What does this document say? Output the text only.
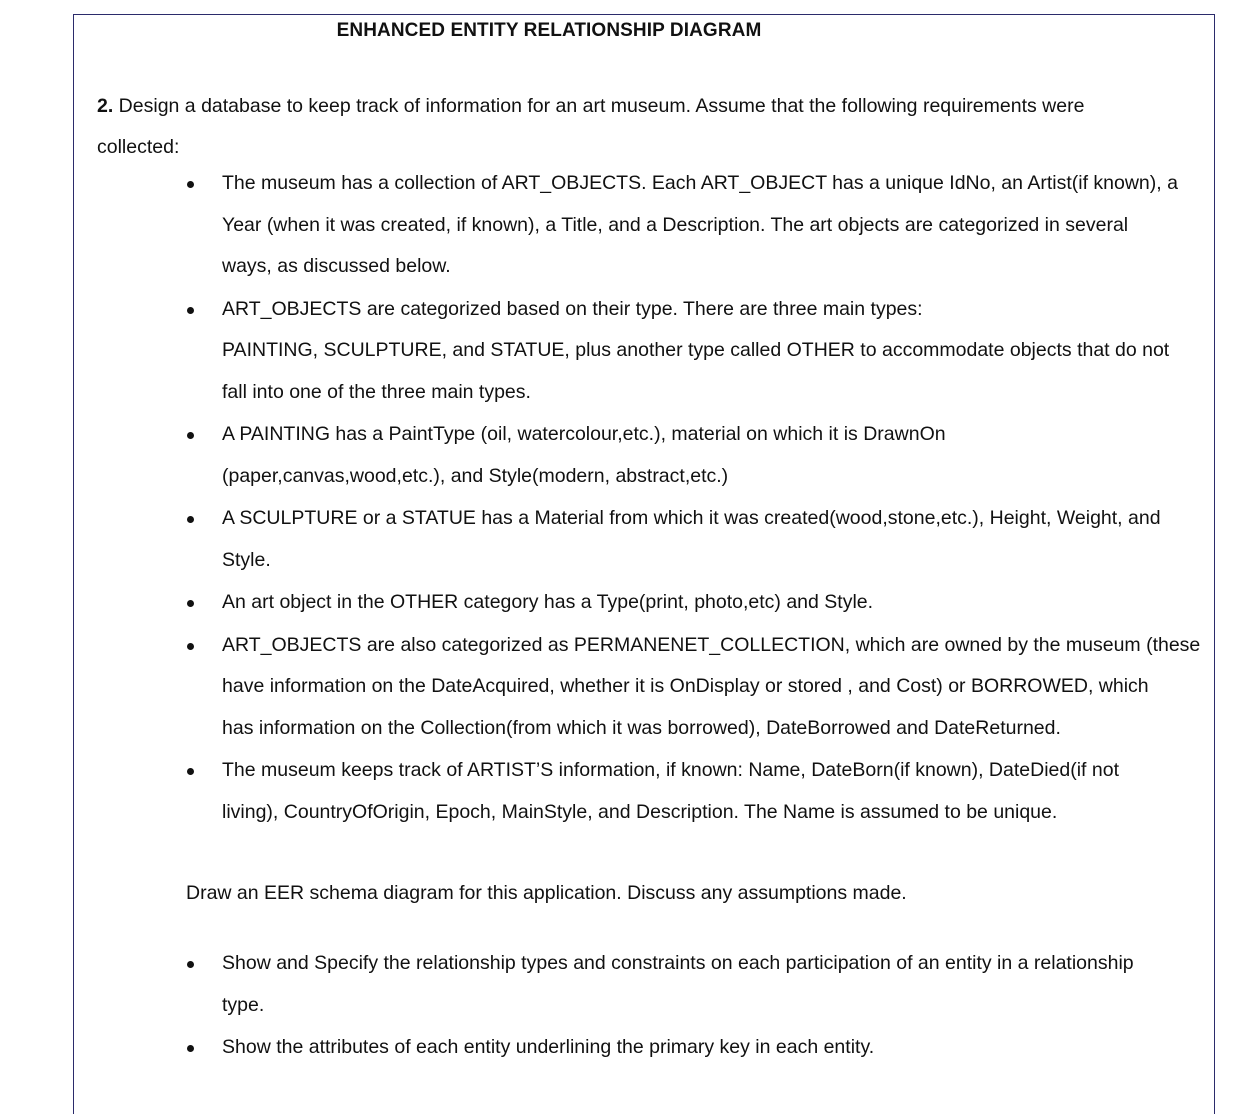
ENHANCED ENTITY RELATIONSHIP DIAGRAM
2. Design a database to keep track of information for an art museum. Assume that the following requirements were
collected:
The museum has a collection of ART_OBJECTS. Each ART_OBJECT has a unique IdNo, an Artist(if known), a
Year (when it was created, if known), a Title, and a Description. The art objects are categorized in several
ways, as discussed below.
ART_OBJECTS are categorized based on their type. There are three main types:
PAINTING, SCULPTURE, and STATUE, plus another type called OTHER to accommodate objects that do not
fall into one of the three main types.
A PAINTING has a PaintType (oil, watercolour,etc.), material on which it is DrawnOn
(paper,canvas,wood,etc.), and Style(modern, abstract,etc.)
A SCULPTURE or a STATUE has a Material from which it was created(wood,stone,etc.), Height, Weight, and
Style.
An art object in the OTHER category has a Type(print, photo,etc) and Style.
ART_OBJECTS are also categorized as PERMANENET_COLLECTION, which are owned by the museum (these
have information on the DateAcquired, whether it is OnDisplay or stored , and Cost) or BORROWED, which
has information on the Collection(from which it was borrowed), DateBorrowed and DateReturned.
The museum keeps track of ARTIST’S information, if known: Name, DateBorn(if known), DateDied(if not
living), CountryOfOrigin, Epoch, MainStyle, and Description. The Name is assumed to be unique.
Draw an EER schema diagram for this application. Discuss any assumptions made.
Show and Specify the relationship types and constraints on each participation of an entity in a relationship
type.
Show the attributes of each entity underlining the primary key in each entity.
